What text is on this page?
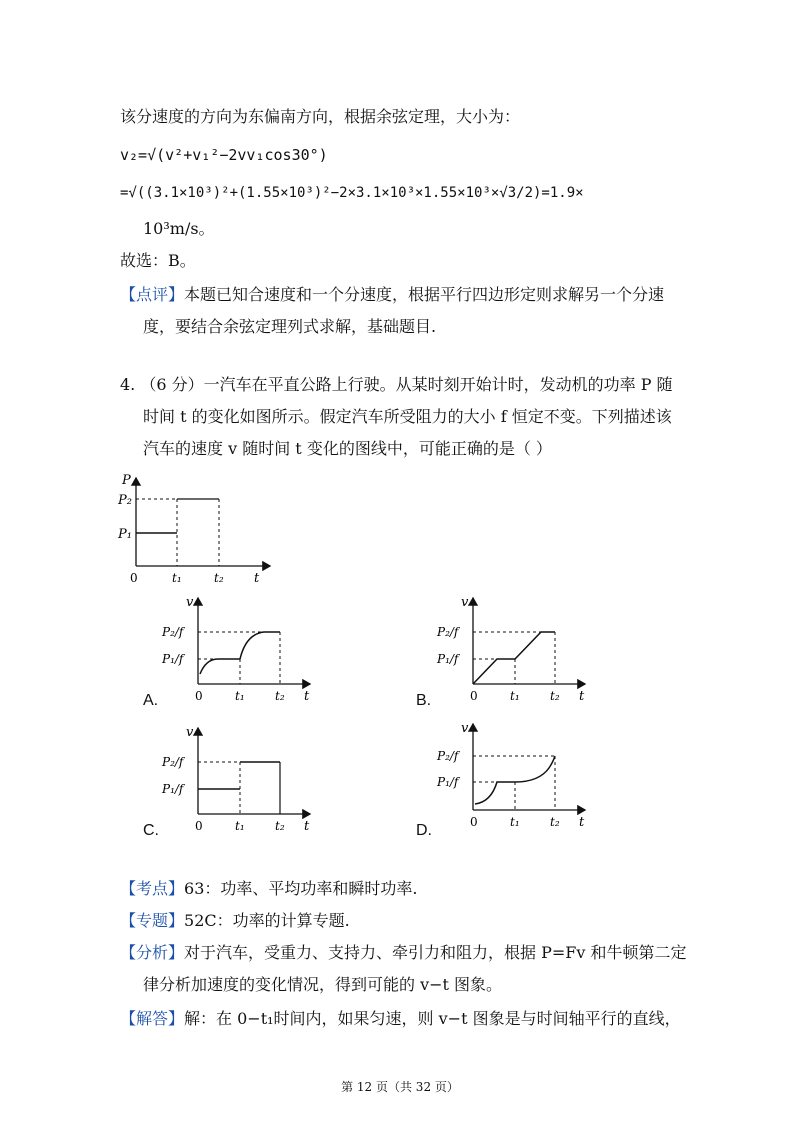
该分速度的方向为东偏南方向，根据余弦定理，大小为：
v₂=√(v²+v₁²−2vv₁cos30°)
=√((3.1×10³)²+(1.55×10³)²−2×3.1×10³×1.55×10³×√3/2)=1.9×
10³m/s。
故选：B。
【点评】本题已知合速度和一个分速度，根据平行四边形定则求解另一个分速
度，要结合余弦定理列式求解，基础题目.
4. （6 分）一汽车在平直公路上行驶。从某时刻开始计时，发动机的功率 P 随
时间 t 的变化如图所示。假定汽车所受阻力的大小 f 恒定不变。下列描述该
汽车的速度 v 随时间 t 变化的图线中，可能正确的是（ ）
P
P₂
P₁
0	t₁	t₂ t
v
P₂/f
P₁/f
0	t₁	t₂ t
A.
v
P₂/f
P₁/f
0	t₁	t₂ t
B.
v
P₂/f
P₁/f
0	t₁	t₂ t
C.
v
P₂/f
P₁/f
0	t₁	t₂ t
D.
【考点】63：功率、平均功率和瞬时功率.
【专题】52C：功率的计算专题.
【分析】对于汽车，受重力、支持力、牵引力和阻力，根据 P=Fv 和牛顿第二定
律分析加速度的变化情况，得到可能的 v−t 图象。
【解答】解：在 0−t₁时间内，如果匀速，则 v−t 图象是与时间轴平行的直线，
第 12 页（共 32 页）
